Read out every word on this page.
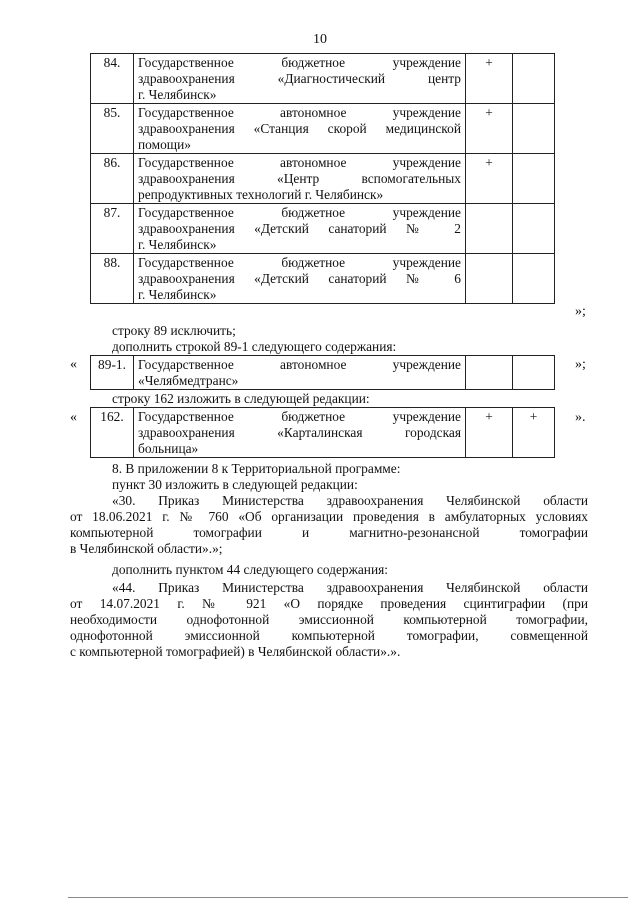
10
84.	Государственное бюджетное учреждение
здравоохранения «Диагностический центр
г. Челябинск»	+	
85.	Государственное автономное учреждение
здравоохранения «Станция скорой медицинской
помощи»	+	
86.	Государственное автономное учреждение
здравоохранения «Центр вспомогательных
репродуктивных технологий г. Челябинск»	+	
87.	Государственное бюджетное учреждение
здравоохранения «Детский санаторий № 2
г. Челябинск»		

88.	Государственное бюджетное учреждение
здравоохранения «Детский санаторий № 6
г. Челябинск»		

»;
строку 89 исключить;
дополнить строкой 89-1 следующего содержания:
« 89-1.	Государственное автономное учреждение
«Челябмедтранс»

»;
строку 162 изложить в следующей редакции:
« 162.	Государственное бюджетное учреждение
здравоохранения «Карталинская городская
больница»
	+	+	».
8. В приложении 8 к Территориальной программе:
пункт 30 изложить в следующей редакции:
«30. Приказ Министерства здравоохранения Челябинской области
от 18.06.2021 г. № 760 «Об организации проведения в амбулаторных условиях
компьютерной томографии и магнитно-резонансной томографии
в Челябинской области».»;
дополнить пунктом 44 следующего содержания:
«44. Приказ Министерства здравоохранения Челябинской области
от 14.07.2021 г. № 921 «О порядке проведения сцинтиграфии (при
необходимости однофотонной эмиссионной компьютерной томографии,
однофотонной эмиссионной компьютерной томографии, совмещенной
с компьютерной томографией) в Челябинской области».».
